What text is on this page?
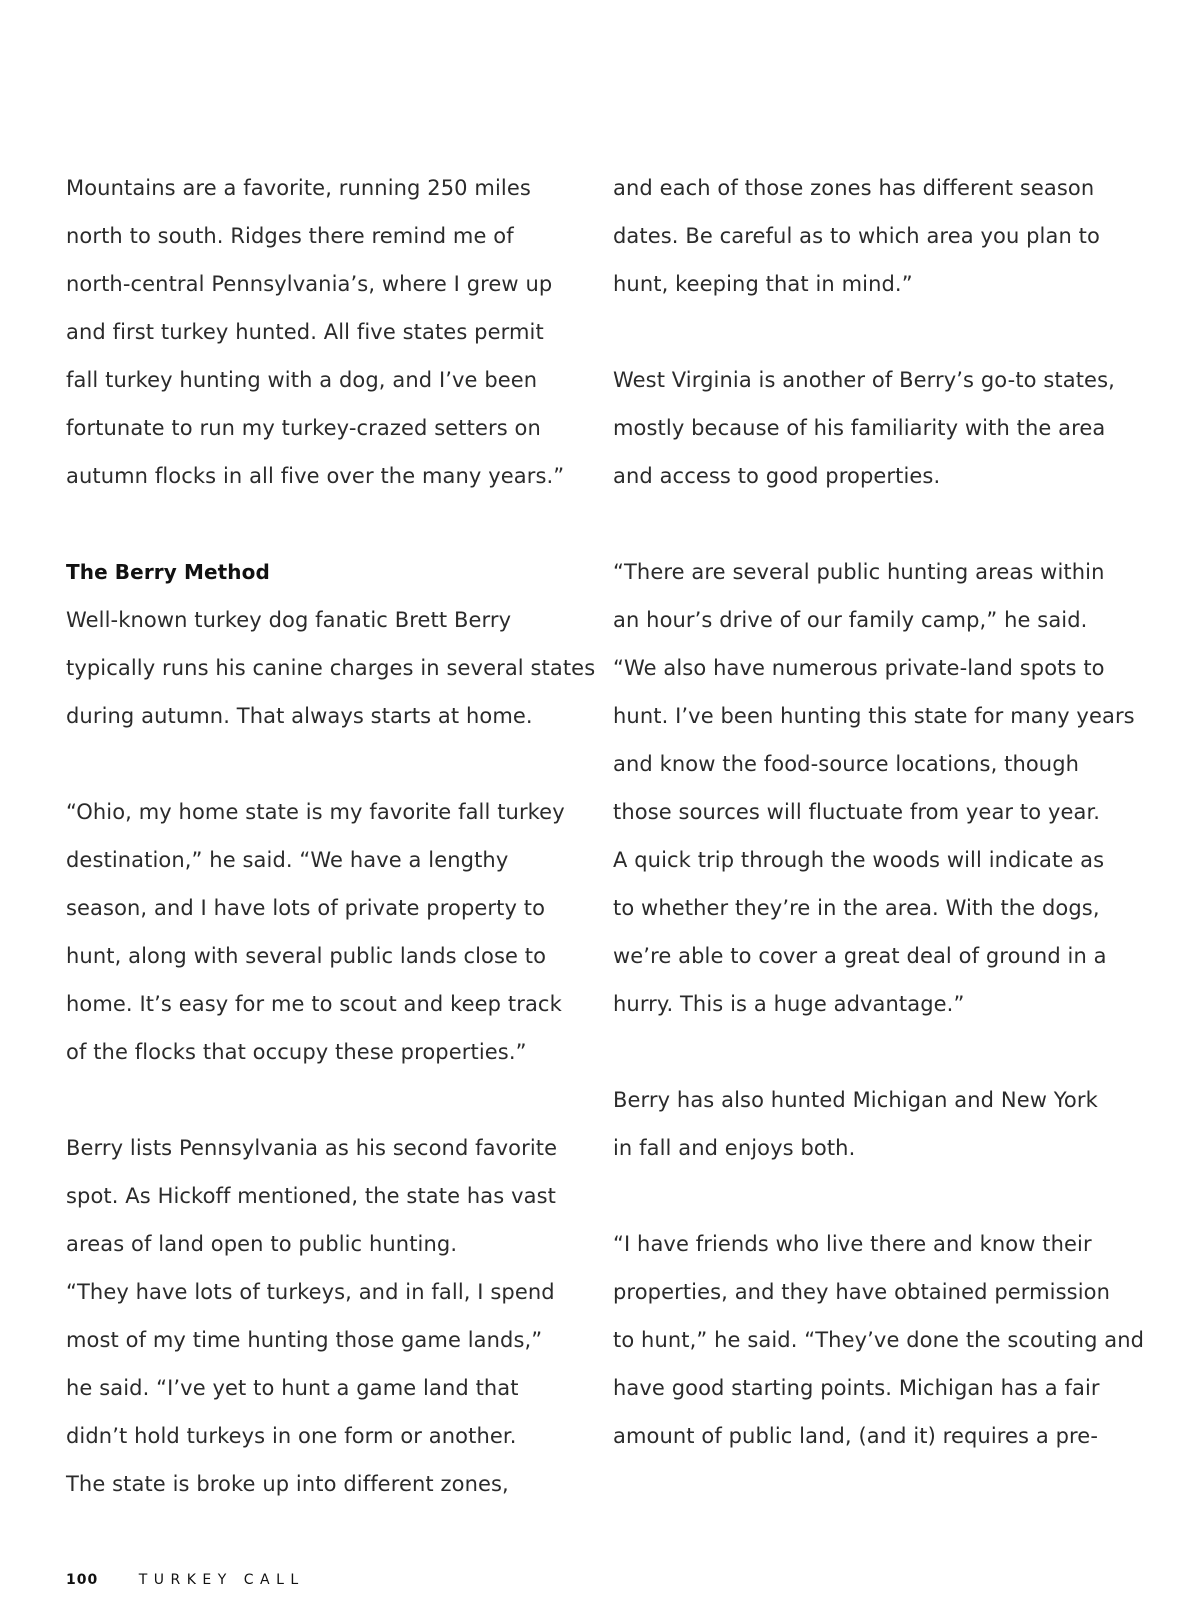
Mountains are a favorite, running 250 miles
north to south. Ridges there remind me of
north-central Pennsylvania’s, where I grew up
and first turkey hunted. All five states permit
fall turkey hunting with a dog, and I’ve been
fortunate to run my turkey-crazed setters on
autumn flocks in all five over the many years.”
The Berry Method
Well-known turkey dog fanatic Brett Berry
typically runs his canine charges in several states
during autumn. That always starts at home.
“Ohio, my home state is my favorite fall turkey
destination,” he said. “We have a lengthy
season, and I have lots of private property to
hunt, along with several public lands close to
home. It’s easy for me to scout and keep track
of the flocks that occupy these properties.”
Berry lists Pennsylvania as his second favorite
spot. As Hickoff mentioned, the state has vast
areas of land open to public hunting.
“They have lots of turkeys, and in fall, I spend
most of my time hunting those game lands,”
he said. “I’ve yet to hunt a game land that
didn’t hold turkeys in one form or another.
The state is broke up into different zones,
and each of those zones has different season
dates. Be careful as to which area you plan to
hunt, keeping that in mind.”
West Virginia is another of Berry’s go-to states,
mostly because of his familiarity with the area
and access to good properties.
“There are several public hunting areas within
an hour’s drive of our family camp,” he said.
“We also have numerous private-land spots to
hunt. I’ve been hunting this state for many years
and know the food-source locations, though
those sources will fluctuate from year to year.
A quick trip through the woods will indicate as
to whether they’re in the area. With the dogs,
we’re able to cover a great deal of ground in a
hurry. This is a huge advantage.”
Berry has also hunted Michigan and New York
in fall and enjoys both.
“I have friends who live there and know their
properties, and they have obtained permission
to hunt,” he said. “They’ve done the scouting and
have good starting points. Michigan has a fair
amount of public land, (and it) requires a pre-
100	TURKEY CALL
